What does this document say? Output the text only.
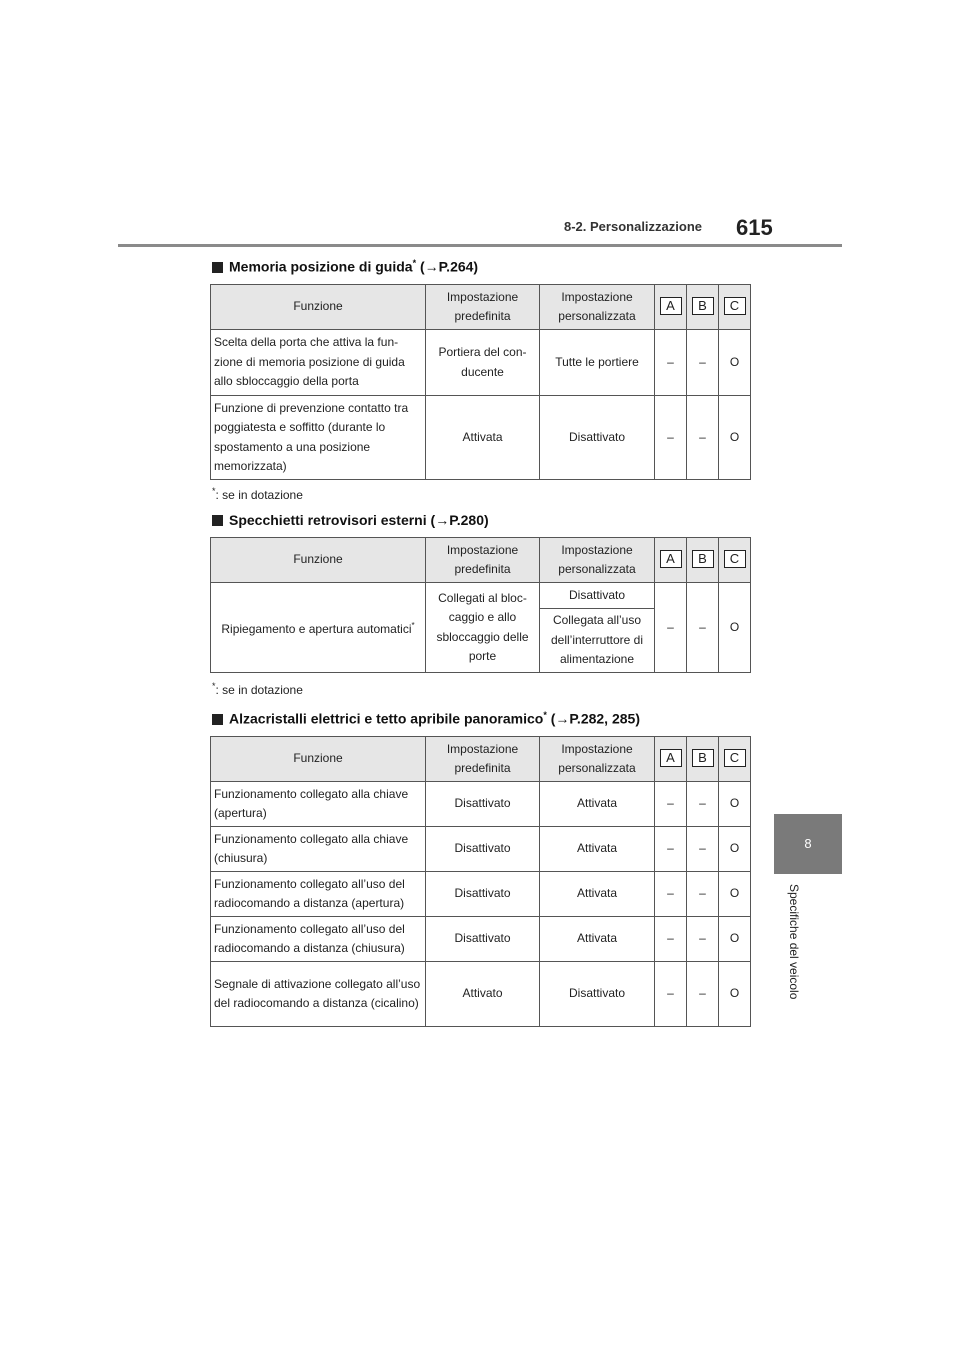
8-2. Personalizzazione 615
8
Specifiche del veicolo
Memoria posizione di guida* (→P.264)
Funzione	Impostazione predefinita	Impostazione personalizzata	A	B	C
Scelta della porta che attiva la fun-zione di memoria posizione di guida allo sbloccaggio della porta	Portiera del con-ducente	Tutte le portiere	–	–	O
Funzione di prevenzione contatto tra poggiatesta e soffitto (durante lo spostamento a una posizione memorizzata)	Attivata	Disattivato	–	–	O
*: se in dotazione
Specchietti retrovisori esterni (→P.280)
Funzione	Impostazione predefinita	Impostazione personalizzata	A	B	C
Ripiegamento e apertura automatici*	Collegati al bloc-caggio e allo sbloccaggio delle porte	Disattivato	–	–	O
		Collegata all’uso dell’interruttore di alimentazione			
*: se in dotazione
Alzacristalli elettrici e tetto apribile panoramico* (→P.282, 285)
Funzione	Impostazione predefinita	Impostazione personalizzata	A	B	C
Funzionamento collegato alla chiave (apertura)	Disattivato	Attivata	–	–	O
Funzionamento collegato alla chiave (chiusura)	Disattivato	Attivata	–	–	O
Funzionamento collegato all’uso del radiocomando a distanza (apertura)	Disattivato	Attivata	–	–	O
Funzionamento collegato all’uso del radiocomando a distanza (chiusura)	Disattivato	Attivata	–	–	O
Segnale di attivazione collegato all’uso del radiocomando a distanza (cicalino)	Attivato	Disattivato	–	–	O
